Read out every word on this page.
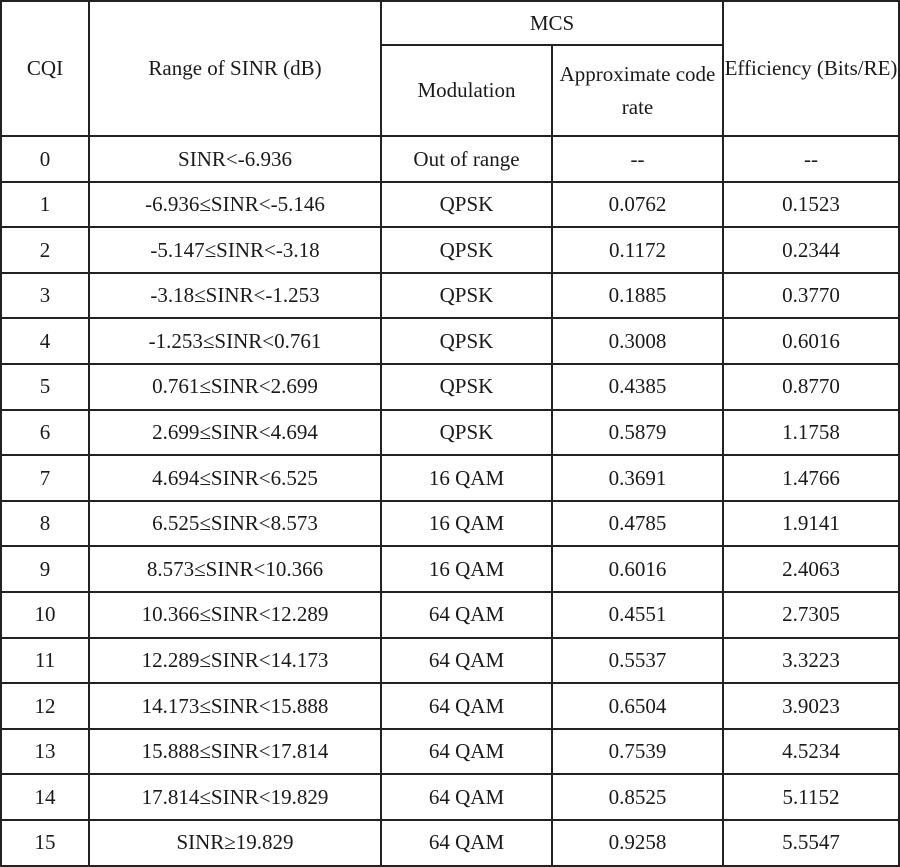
CQI	Range of SINR (dB)	MCS		Efficiency (Bits/RE)
		Modulation	Approximate code rate	
0	SINR<-6.936	Out of range	--	--
1	-6.936≤SINR<-5.146	QPSK	0.0762	0.1523
2	-5.147≤SINR<-3.18	QPSK	0.1172	0.2344
3	-3.18≤SINR<-1.253	QPSK	0.1885	0.3770
4	-1.253≤SINR<0.761	QPSK	0.3008	0.6016
5	0.761≤SINR<2.699	QPSK	0.4385	0.8770
6	2.699≤SINR<4.694	QPSK	0.5879	1.1758
7	4.694≤SINR<6.525	16 QAM	0.3691	1.4766
8	6.525≤SINR<8.573	16 QAM	0.4785	1.9141
9	8.573≤SINR<10.366	16 QAM	0.6016	2.4063
10	10.366≤SINR<12.289	64 QAM	0.4551	2.7305
11	12.289≤SINR<14.173	64 QAM	0.5537	3.3223
12	14.173≤SINR<15.888	64 QAM	0.6504	3.9023
13	15.888≤SINR<17.814	64 QAM	0.7539	4.5234
14	17.814≤SINR<19.829	64 QAM	0.8525	5.1152
15	SINR≥19.829	64 QAM	0.9258	5.5547
